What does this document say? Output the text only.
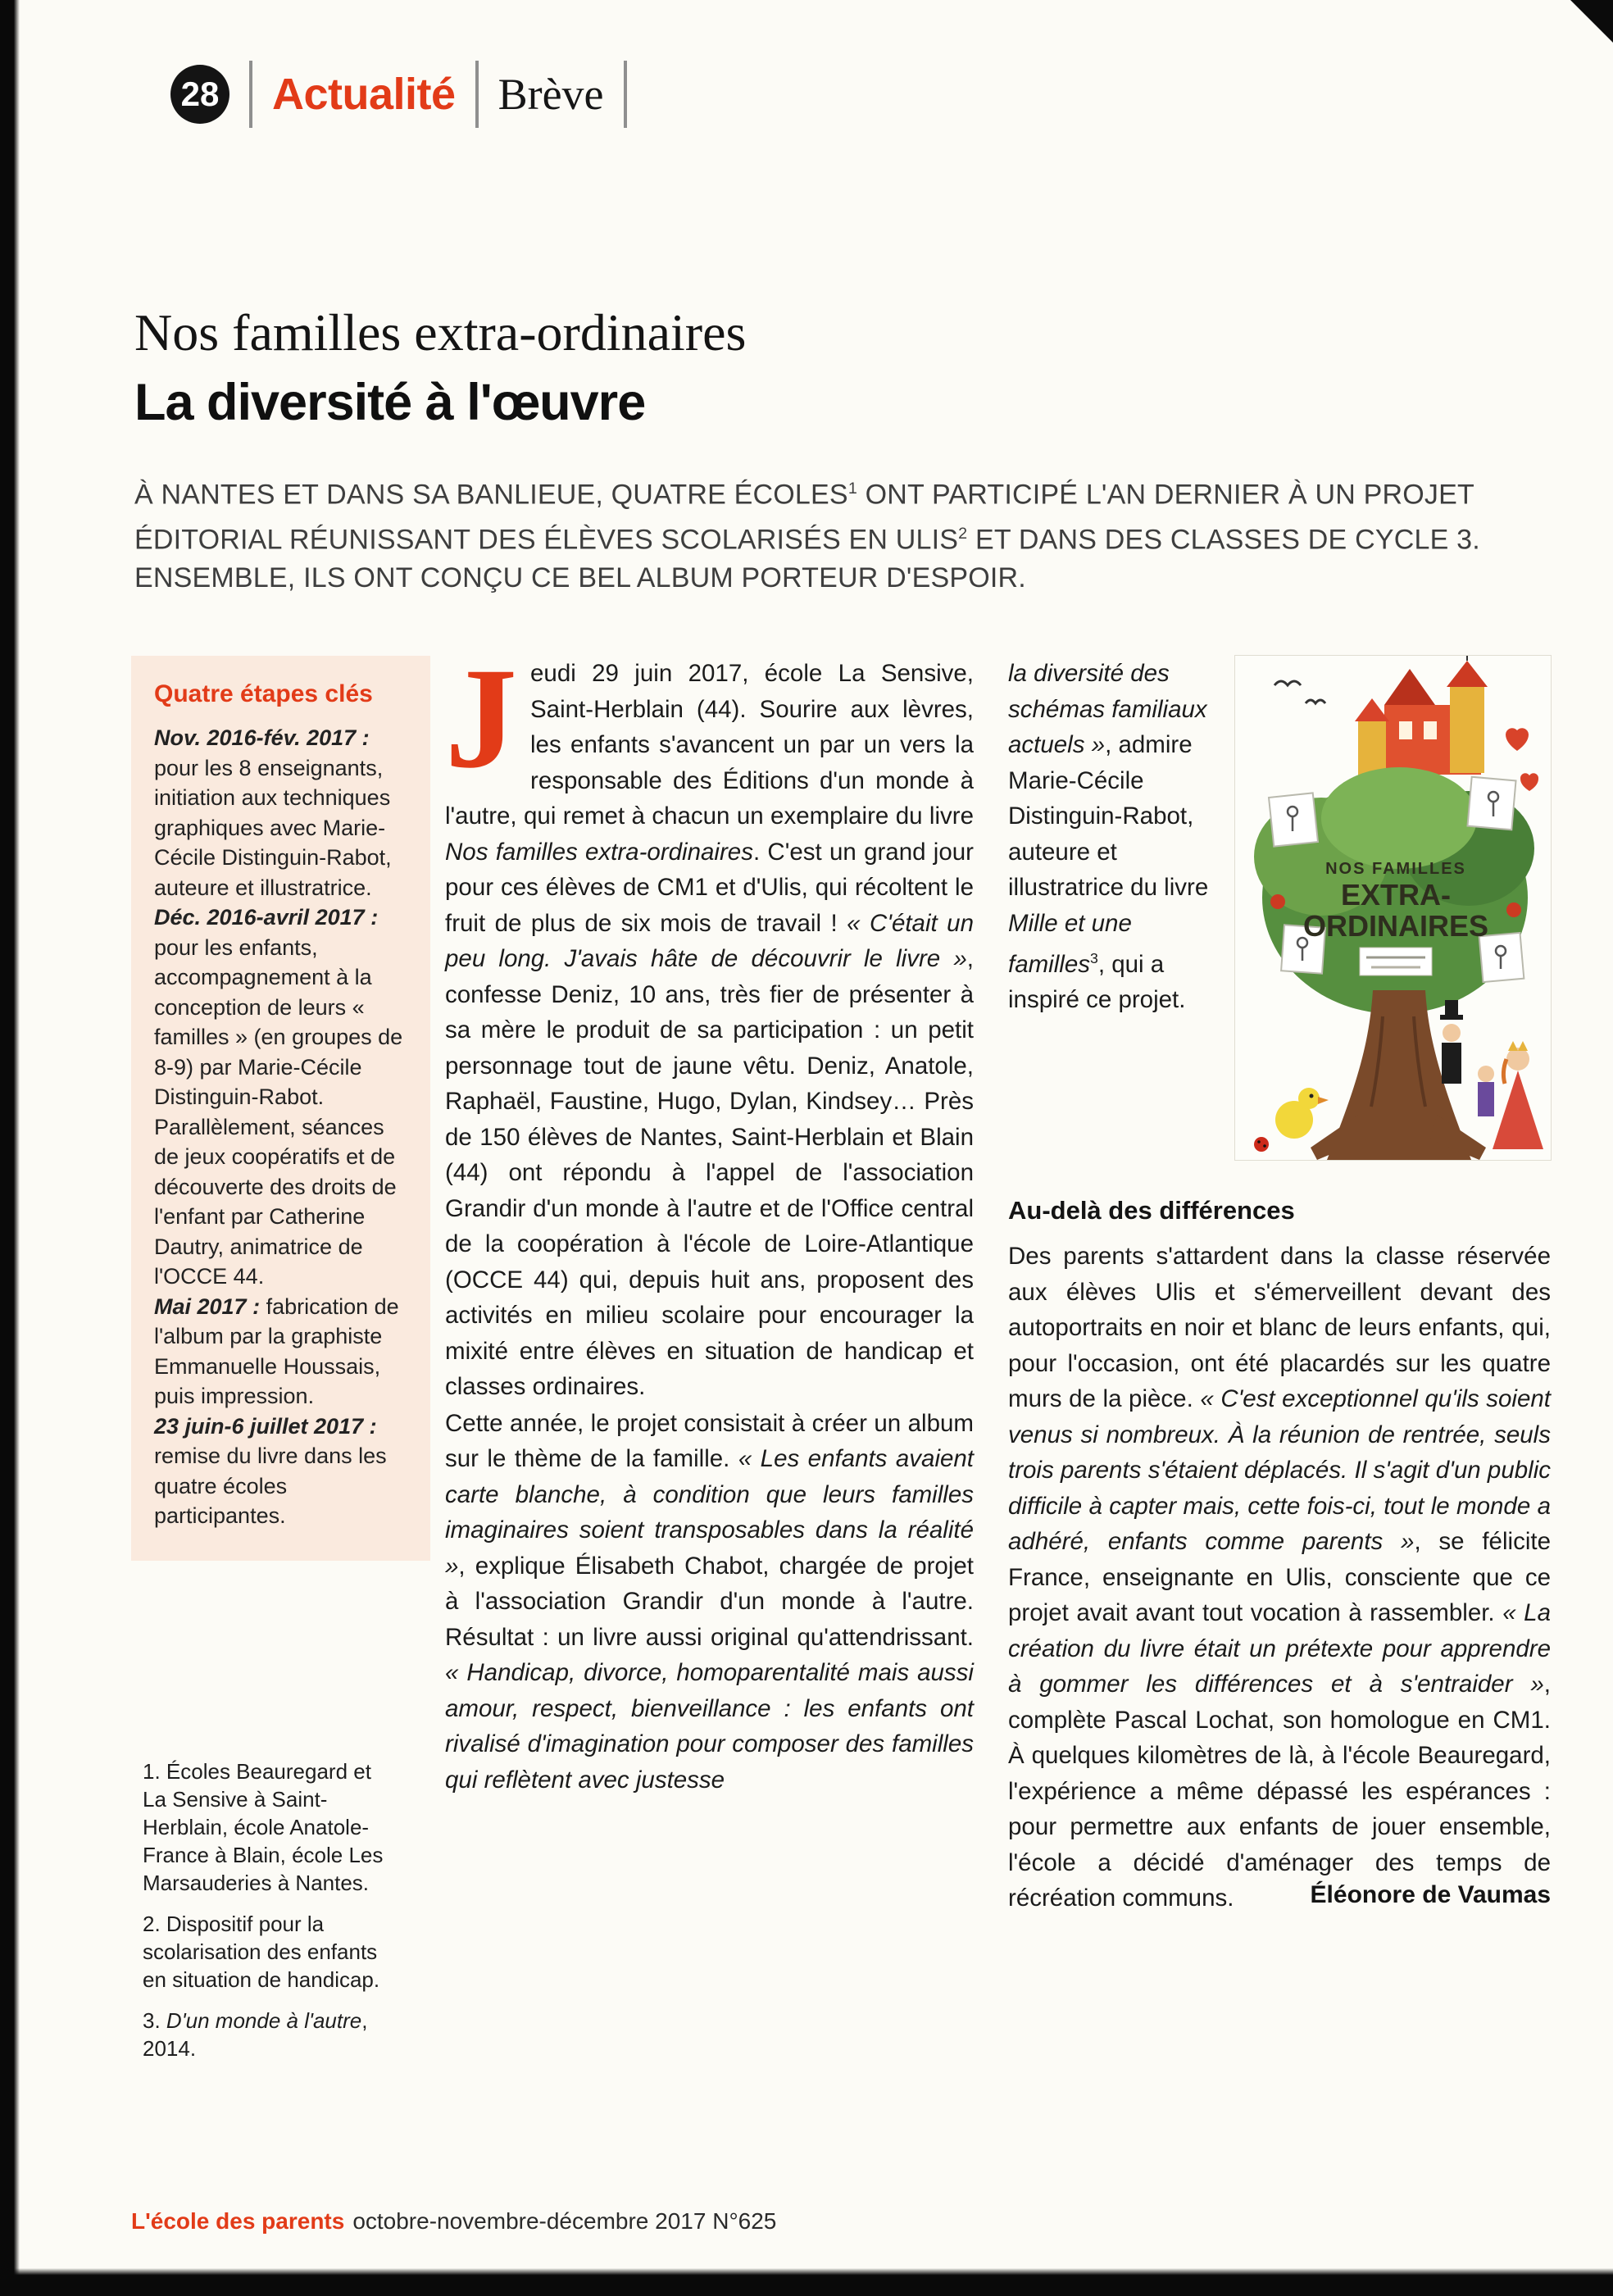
28 Actualité Brève
Nos familles extra-ordinaires
La diversité à l'œuvre
À NANTES ET DANS SA BANLIEUE, QUATRE ÉCOLES$^1$ ONT PARTICIPÉ L'AN DERNIER À UN PROJET ÉDITORIAL RÉUNISSANT DES ÉLÈVES SCOLARISÉS EN ULIS$^2$ ET DANS DES CLASSES DE CYCLE 3. ENSEMBLE, ILS ONT CONÇU CE BEL ALBUM PORTEUR D'ESPOIR.

Quatre étapes clés

Nov. 2016-fév. 2017 : pour les 8 enseignants, initiation aux techniques graphiques avec Marie-Cécile Distinguin-Rabot, auteure et illustratrice.

Déc. 2016-avril 2017 : pour les enfants, accompagnement à la conception de leurs « familles » (en groupes de 8-9) par Marie-Cécile Distinguin-Rabot. Parallèlement, séances de jeux coopératifs et de découverte des droits de l'enfant par Catherine Dautry, animatrice de l'OCCE 44.

Mai 2017 : fabrication de l'album par la graphiste Emmanuelle Houssais, puis impression.

23 juin-6 juillet 2017 : remise du livre dans les quatre écoles participantes.

1. Écoles Beauregard et La Sensive à Saint-Herblain, école Anatole-France à Blain, école Les Marsauderies à Nantes.

2. Dispositif pour la scolarisation des enfants en situation de handicap.

3. D'un monde à l'autre, 2014.

Jeudi 29 juin 2017, école La Sensive, Saint-Herblain (44). Sourire aux lèvres, les enfants s'avancent un par un vers la responsable des Éditions d'un monde à l'autre, qui remet à chacun un exemplaire du livre Nos familles extra-ordinaires. C'est un grand jour pour ces élèves de CM1 et d'Ulis, qui récoltent le fruit de plus de six mois de travail ! « C'était un peu long. J'avais hâte de découvrir le livre », confesse Deniz, 10 ans, très fier de présenter à sa mère le produit de sa participation : un petit personnage tout de jaune vêtu. Deniz, Anatole, Raphaël, Faustine, Hugo, Dylan, Kindsey… Près de 150 élèves de Nantes, Saint-Herblain et Blain (44) ont répondu à l'appel de l'association Grandir d'un monde à l'autre et de l'Office central de la coopération à l'école de Loire-Atlantique (OCCE 44) qui, depuis huit ans, proposent des activités en milieu scolaire pour encourager la mixité entre élèves en situation de handicap et classes ordinaires.

Cette année, le projet consistait à créer un album sur le thème de la famille. « Les enfants avaient carte blanche, à condition que leurs familles imaginaires soient transposables dans la réalité », explique Élisabeth Chabot, chargée de projet à l'association Grandir d'un monde à l'autre. Résultat : un livre aussi original qu'attendrissant. « Handicap, divorce, homoparentalité mais aussi amour, respect, bienveillance : les enfants ont rivalisé d'imagination pour composer des familles qui reflètent avec justesse

la diversité des schémas familiaux actuels », admire Marie-Cécile Distinguin-Rabot, auteure et illustratrice du livre Mille et une familles$^3$, qui a inspiré ce projet.

NOS FAMILLES
EXTRA-
ORDINAIRES

Au-delà des différences

Des parents s'attardent dans la classe réservée aux élèves Ulis et s'émerveillent devant des autoportraits en noir et blanc de leurs enfants, qui, pour l'occasion, ont été placardés sur les quatre murs de la pièce. « C'est exceptionnel qu'ils soient venus si nombreux. À la réunion de rentrée, seuls trois parents s'étaient déplacés. Il s'agit d'un public difficile à capter mais, cette fois-ci, tout le monde a adhéré, enfants comme parents », se félicite France, enseignante en Ulis, consciente que ce projet avait avant tout vocation à rassembler. « La création du livre était un prétexte pour apprendre à gommer les différences et à s'entraider », complète Pascal Lochat, son homologue en CM1. À quelques kilomètres de là, à l'école Beauregard, l'expérience a même dépassé les espérances : pour permettre aux enfants de jouer ensemble, l'école a décidé d'aménager des temps de récréation communs.	Éléonore de Vaumas
L'école des parents octobre-novembre-décembre 2017 N°625
